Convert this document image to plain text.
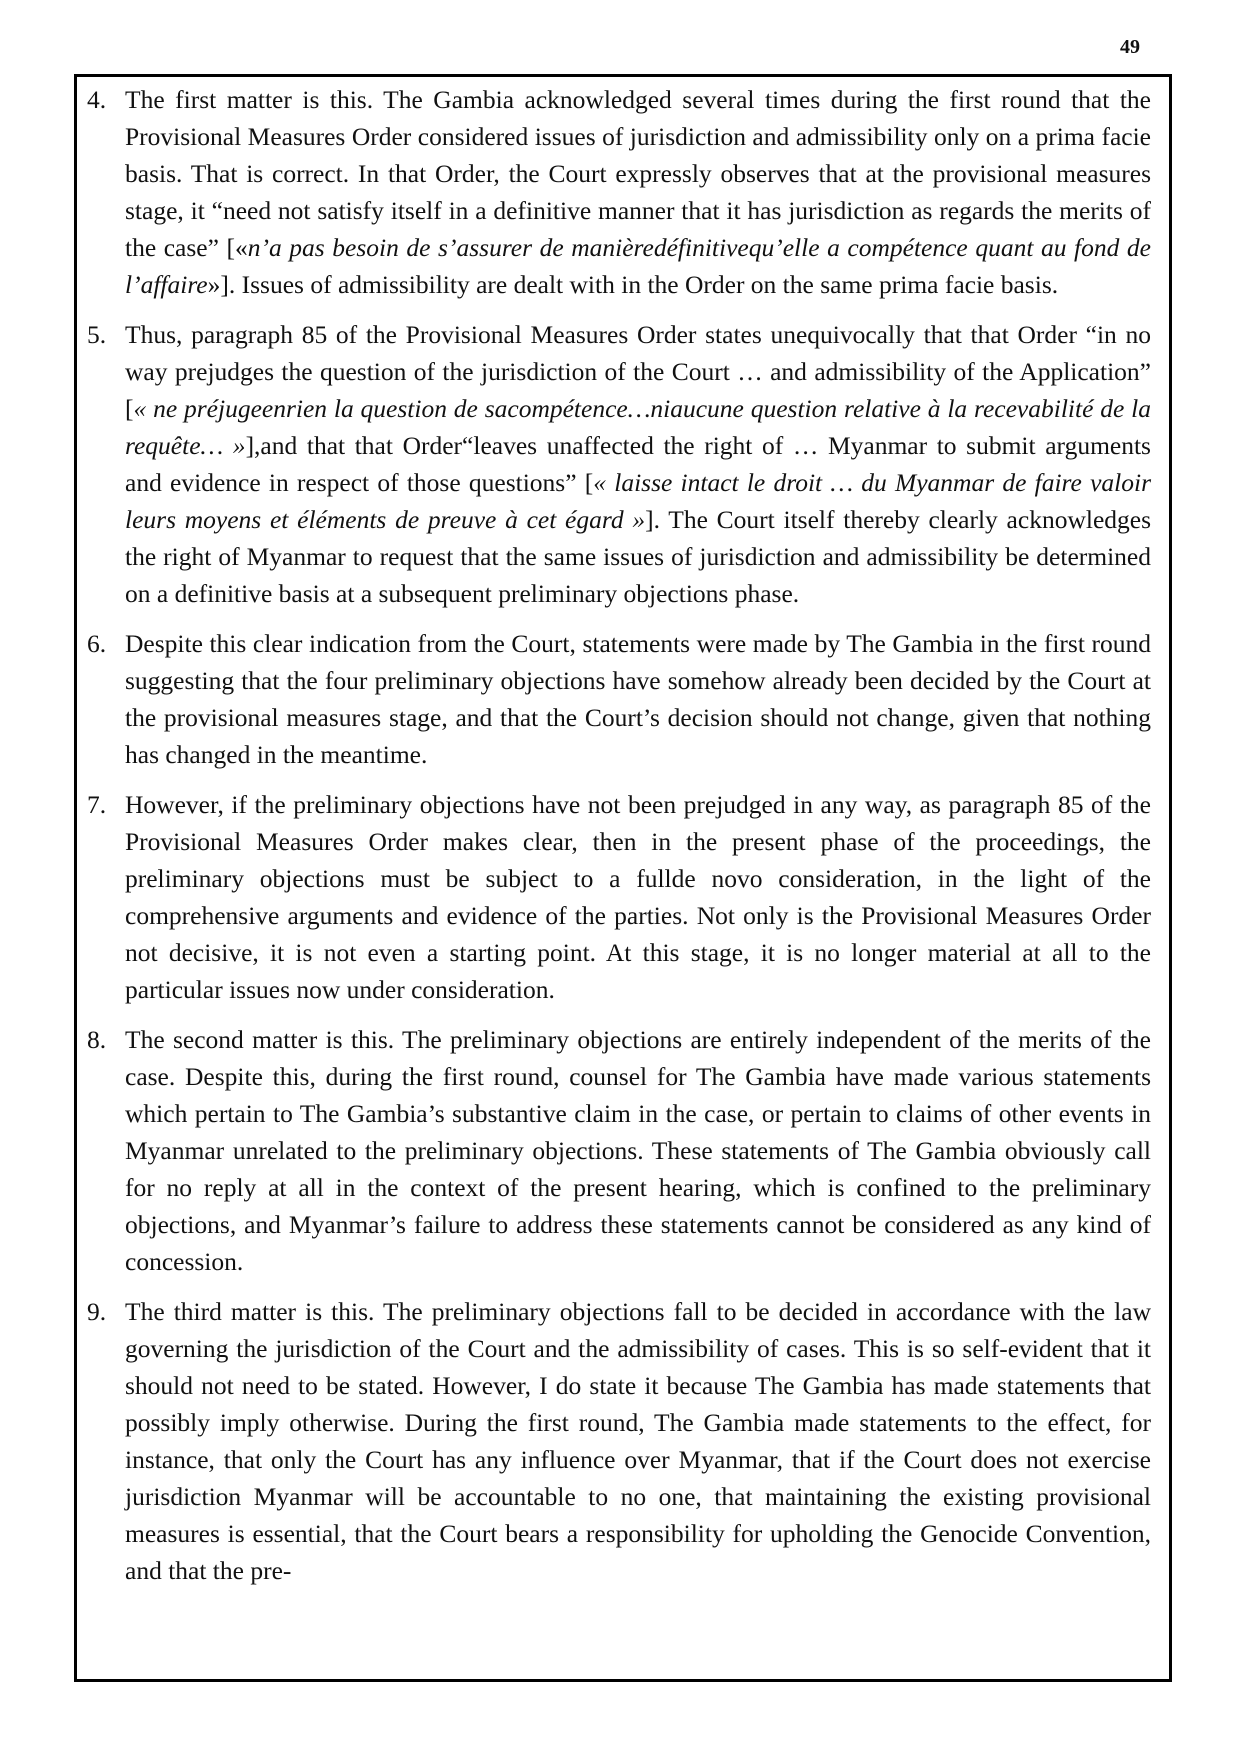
49

4. The first matter is this. The Gambia acknowledged several times during the first round that the Provisional Measures Order considered issues of jurisdiction and admissibility only on a prima facie basis. That is correct. In that Order, the Court expressly observes that at the provisional measures stage, it “need not satisfy itself in a definitive manner that it has jurisdiction as regards the merits of the case” [«n’a pas besoin de s’assurer de manièredéfinitivequ’elle a compétence quant au fond de l’affaire»]. Issues of admissibility are dealt with in the Order on the same prima facie basis.

5. Thus, paragraph 85 of the Provisional Measures Order states unequivocally that that Order “in no way prejudges the question of the jurisdiction of the Court … and admissibility of the Application” [« ne préjugeenrien la question de sacompétence…niaucune question relative à la recevabilité de la requête… »],and that that Order“leaves unaffected the right of … Myanmar to submit arguments and evidence in respect of those questions” [« laisse intact le droit … du Myanmar de faire valoir leurs moyens et éléments de preuve à cet égard »]. The Court itself thereby clearly acknowledges the right of Myanmar to request that the same issues of jurisdiction and admissibility be determined on a definitive basis at a subsequent preliminary objections phase.

6. Despite this clear indication from the Court, statements were made by The Gambia in the first round suggesting that the four preliminary objections have somehow already been decided by the Court at the provisional measures stage, and that the Court’s decision should not change, given that nothing has changed in the meantime.

7. However, if the preliminary objections have not been prejudged in any way, as paragraph 85 of the Provisional Measures Order makes clear, then in the present phase of the proceedings, the preliminary objections must be subject to a fullde novo consideration, in the light of the comprehensive arguments and evidence of the parties. Not only is the Provisional Measures Order not decisive, it is not even a starting point. At this stage, it is no longer material at all to the particular issues now under consideration.

8. The second matter is this. The preliminary objections are entirely independent of the merits of the case. Despite this, during the first round, counsel for The Gambia have made various statements which pertain to The Gambia’s substantive claim in the case, or pertain to claims of other events in Myanmar unrelated to the preliminary objections. These statements of The Gambia obviously call for no reply at all in the context of the present hearing, which is confined to the preliminary objections, and Myanmar’s failure to address these statements cannot be considered as any kind of concession.

9. The third matter is this. The preliminary objections fall to be decided in accordance with the law governing the jurisdiction of the Court and the admissibility of cases. This is so self-evident that it should not need to be stated. However, I do state it because The Gambia has made statements that possibly imply otherwise. During the first round, The Gambia made statements to the effect, for instance, that only the Court has any influence over Myanmar, that if the Court does not exercise jurisdiction Myanmar will be accountable to no one, that maintaining the existing provisional measures is essential, that the Court bears a responsibility for upholding the Genocide Convention, and that the pre-
